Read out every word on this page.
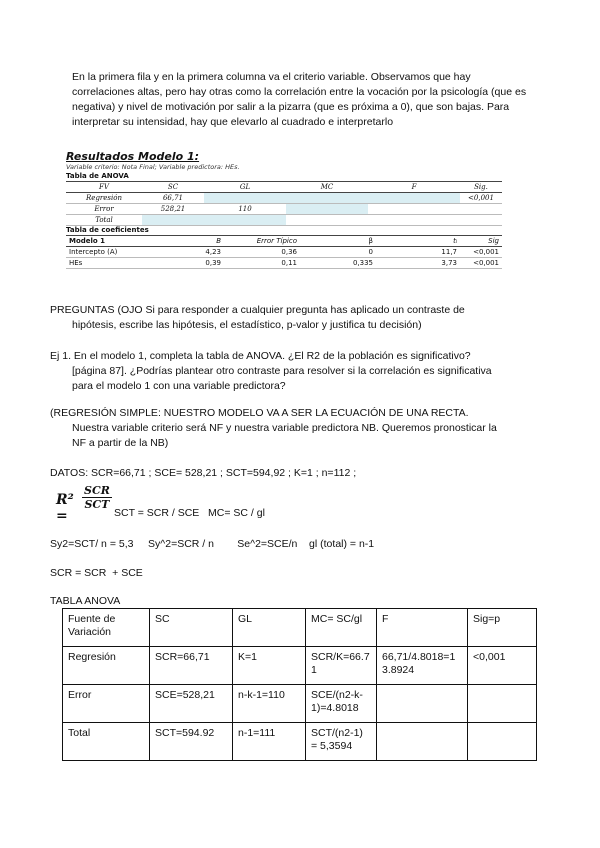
En la primera fila y en la primera columna va el criterio variable. Observamos que hay correlaciones altas, pero hay otras como la correlación entre la vocación por la psicología (que es negativa) y nivel de motivación por salir a la pizarra (que es próxima a 0), que son bajas. Para interpretar su intensidad, hay que elevarlo al cuadrado e interpretarlo
Resultados Modelo 1:
Variable criterio: Nota Final; Variable predictora: HEs.
Tabla de ANOVA
FV	SC	GL	MC	F	Sig.
Regresión	66,71				<0,001
Error	528,21	110			
Total					
Tabla de coeficientes
Modelo 1	B	Error Típico	β	tₗ	Sig
Intercepto (A)	4,23	0,36	0	11,7	<0,001
HEs	0,39	0,11	0,335	3,73	<0,001
PREGUNTAS (OJO Si para responder a cualquier pregunta has aplicado un contraste de
hipótesis, escribe las hipótesis, el estadístico, p-valor y justifica tu decisión)
Ej 1. En el modelo 1, completa la tabla de ANOVA. ¿El R2 de la población es significativo?
[página 87]. ¿Podrías plantear otro contraste para resolver si la correlación es significativa
para el modelo 1 con una variable predictora?
(REGRESIÓN SIMPLE: NUESTRO MODELO VA A SER LA ECUACIÓN DE UNA RECTA.
Nuestra variable criterio será NF y nuestra variable predictora NB. Queremos pronosticar la
NF a partir de la NB)
DATOS: SCR=66,71 ; SCE= 528,21 ; SCT=594,92 ; K=1 ; n=112 ;
R² =
SCR
SCT
SCT = SCR / SCE   MC= SC / gl
Sy2=SCT/ n = 5,3     Sy^2=SCR / n        Se^2=SCE/n    gl (total) = n-1
SCR = SCR  + SCE
TABLA ANOVA
Fuente de Variación	SC	GL	MC= SC/gl	F	Sig=p
Regresión	SCR=66,71	K=1	SCR/K=66.71	66,71/4.8018=13.8924	<0,001
Error	SCE=528,21	n-k-1=110	SCE/(n2-k-1)=4.8018		
Total	SCT=594.92	n-1=111	SCT/(n2-1) = 5,3594		
